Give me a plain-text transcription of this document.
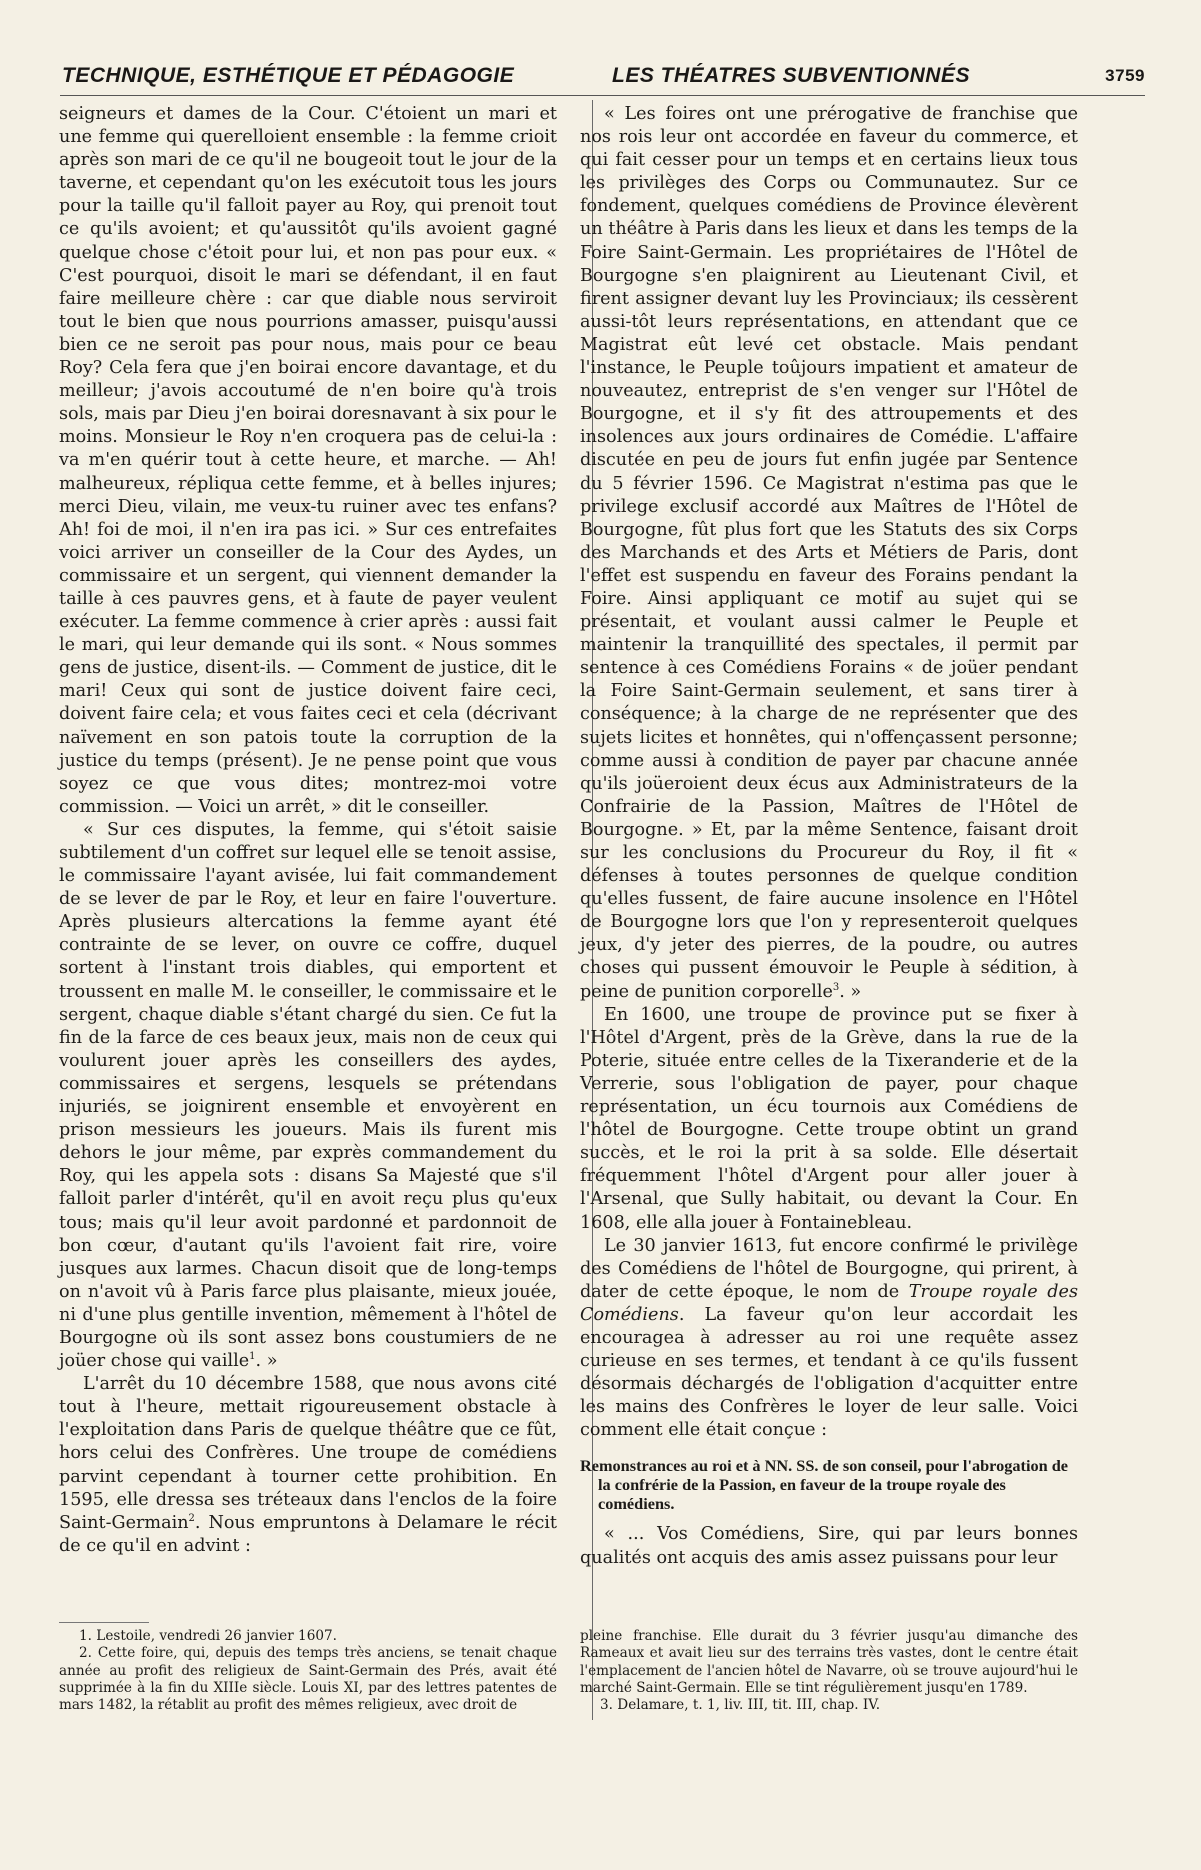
TECHNIQUE, ESTHÉTIQUE ET PÉDAGOGIE	LES THÉATRES SUBVENTIONNÉS	3759

seigneurs et dames de la Cour. C'étoient un mari et une femme qui querelloient ensemble : la femme crioit après son mari de ce qu'il ne bougeoit tout le jour de la taverne, et cependant qu'on les exécutoit tous les jours pour la taille qu'il falloit payer au Roy, qui prenoit tout ce qu'ils avoient; et qu'aussitôt qu'ils avoient gagné quelque chose c'étoit pour lui, et non pas pour eux. « C'est pourquoi, disoit le mari se défendant, il en faut faire meilleure chère : car que diable nous serviroit tout le bien que nous pourrions amasser, puisqu'aussi bien ce ne seroit pas pour nous, mais pour ce beau Roy? Cela fera que j'en boirai encore davantage, et du meilleur; j'avois accoutumé de n'en boire qu'à trois sols, mais par Dieu j'en boirai doresnavant à six pour le moins. Monsieur le Roy n'en croquera pas de celui-la : va m'en quérir tout à cette heure, et marche. — Ah! malheureux, répliqua cette femme, et à belles injures; merci Dieu, vilain, me veux-tu ruiner avec tes enfans? Ah! foi de moi, il n'en ira pas ici. » Sur ces entrefaites voici arriver un conseiller de la Cour des Aydes, un commissaire et un sergent, qui viennent demander la taille à ces pauvres gens, et à faute de payer veulent exécuter. La femme commence à crier après : aussi fait le mari, qui leur demande qui ils sont. « Nous sommes gens de justice, disent-ils. — Comment de justice, dit le mari! Ceux qui sont de justice doivent faire ceci, doivent faire cela; et vous faites ceci et cela (décrivant naïvement en son patois toute la corruption de la justice du temps (présent). Je ne pense point que vous soyez ce que vous dites; montrez-moi votre commission. — Voici un arrêt, » dit le conseiller.

« Sur ces disputes, la femme, qui s'étoit saisie subtilement d'un coffret sur lequel elle se tenoit assise, le commissaire l'ayant avisée, lui fait commandement de se lever de par le Roy, et leur en faire l'ouverture. Après plusieurs altercations la femme ayant été contrainte de se lever, on ouvre ce coffre, duquel sortent à l'instant trois diables, qui emportent et troussent en malle M. le conseiller, le commissaire et le sergent, chaque diable s'étant chargé du sien. Ce fut la fin de la farce de ces beaux jeux, mais non de ceux qui voulurent jouer après les conseillers des aydes, commissaires et sergens, lesquels se prétendans injuriés, se joignirent ensemble et envoyèrent en prison messieurs les joueurs. Mais ils furent mis dehors le jour même, par exprès commandement du Roy, qui les appela sots : disans Sa Majesté que s'il falloit parler d'intérêt, qu'il en avoit reçu plus qu'eux tous; mais qu'il leur avoit pardonné et pardonnoit de bon cœur, d'autant qu'ils l'avoient fait rire, voire jusques aux larmes. Chacun disoit que de long-temps on n'avoit vû à Paris farce plus plaisante, mieux jouée, ni d'une plus gentille invention, mêmement à l'hôtel de Bourgogne où ils sont assez bons coustumiers de ne joüer chose qui vaille$^1$. »

L'arrêt du 10 décembre 1588, que nous avons cité tout à l'heure, mettait rigoureusement obstacle à l'exploitation dans Paris de quelque théâtre que ce fût, hors celui des Confrères. Une troupe de comédiens parvint cependant à tourner cette prohibition. En 1595, elle dressa ses tréteaux dans l'enclos de la foire Saint-Germain$^2$. Nous empruntons à Delamare le récit de ce qu'il en advint :

« Les foires ont une prérogative de franchise que nos rois leur ont accordée en faveur du commerce, et qui fait cesser pour un temps et en certains lieux tous les privilèges des Corps ou Communautez. Sur ce fondement, quelques comédiens de Province élevèrent un théâtre à Paris dans les lieux et dans les temps de la Foire Saint-Germain. Les propriétaires de l'Hôtel de Bourgogne s'en plaignirent au Lieutenant Civil, et firent assigner devant luy les Provinciaux; ils cessèrent aussi-tôt leurs représentations, en attendant que ce Magistrat eût levé cet obstacle. Mais pendant l'instance, le Peuple toûjours impatient et amateur de nouveautez, entreprist de s'en venger sur l'Hôtel de Bourgogne, et il s'y fit des attroupements et des insolences aux jours ordinaires de Comédie. L'affaire discutée en peu de jours fut enfin jugée par Sentence du 5 février 1596. Ce Magistrat n'estima pas que le privilege exclusif accordé aux Maîtres de l'Hôtel de Bourgogne, fût plus fort que les Statuts des six Corps des Marchands et des Arts et Métiers de Paris, dont l'effet est suspendu en faveur des Forains pendant la Foire. Ainsi appliquant ce motif au sujet qui se présentait, et voulant aussi calmer le Peuple et maintenir la tranquillité des spectales, il permit par sentence à ces Comédiens Forains « de joüer pendant la Foire Saint-Germain seulement, et sans tirer à conséquence; à la charge de ne représenter que des sujets licites et honnêtes, qui n'offençassent personne; comme aussi à condition de payer par chacune année qu'ils joüeroient deux écus aux Administrateurs de la Confrairie de la Passion, Maîtres de l'Hôtel de Bourgogne. » Et, par la même Sentence, faisant droit sur les conclusions du Procureur du Roy, il fit « défenses à toutes personnes de quelque condition qu'elles fussent, de faire aucune insolence en l'Hôtel de Bourgogne lors que l'on y representeroit quelques jeux, d'y jeter des pierres, de la poudre, ou autres choses qui pussent émouvoir le Peuple à sédition, à peine de punition corporelle$^3$. »

En 1600, une troupe de province put se fixer à l'Hôtel d'Argent, près de la Grève, dans la rue de la Poterie, située entre celles de la Tixeranderie et de la Verrerie, sous l'obligation de payer, pour chaque représentation, un écu tournois aux Comédiens de l'hôtel de Bourgogne. Cette troupe obtint un grand succès, et le roi la prit à sa solde. Elle désertait fréquemment l'hôtel d'Argent pour aller jouer à l'Arsenal, que Sully habitait, ou devant la Cour. En 1608, elle alla jouer à Fontainebleau.

Le 30 janvier 1613, fut encore confirmé le privilège des Comédiens de l'hôtel de Bourgogne, qui prirent, à dater de cette époque, le nom de Troupe royale des Comédiens. La faveur qu'on leur accordait les encouragea à adresser au roi une requête assez curieuse en ses termes, et tendant à ce qu'ils fussent désormais déchargés de l'obligation d'acquitter entre les mains des Confrères le loyer de leur salle. Voici comment elle était conçue :

Remonstrances au roi et à NN. SS. de son conseil, pour l'abrogation de la confrérie de la Passion, en faveur de la troupe royale des comédiens.

« ... Vos Comédiens, Sire, qui par leurs bonnes qualités ont acquis des amis assez puissans pour leur

1. Lestoile, vendredi 26 janvier 1607.

2. Cette foire, qui, depuis des temps très anciens, se tenait chaque année au profit des religieux de Saint-Germain des Prés, avait été supprimée à la fin du XIIIe siècle. Louis XI, par des lettres patentes de mars 1482, la rétablit au profit des mêmes religieux, avec droit de

pleine franchise. Elle durait du 3 février jusqu'au dimanche des Rameaux et avait lieu sur des terrains très vastes, dont le centre était l'emplacement de l'ancien hôtel de Navarre, où se trouve aujourd'hui le marché Saint-Germain. Elle se tint régulièrement jusqu'en 1789.

3. Delamare, t. 1, liv. III, tit. III, chap. IV.
